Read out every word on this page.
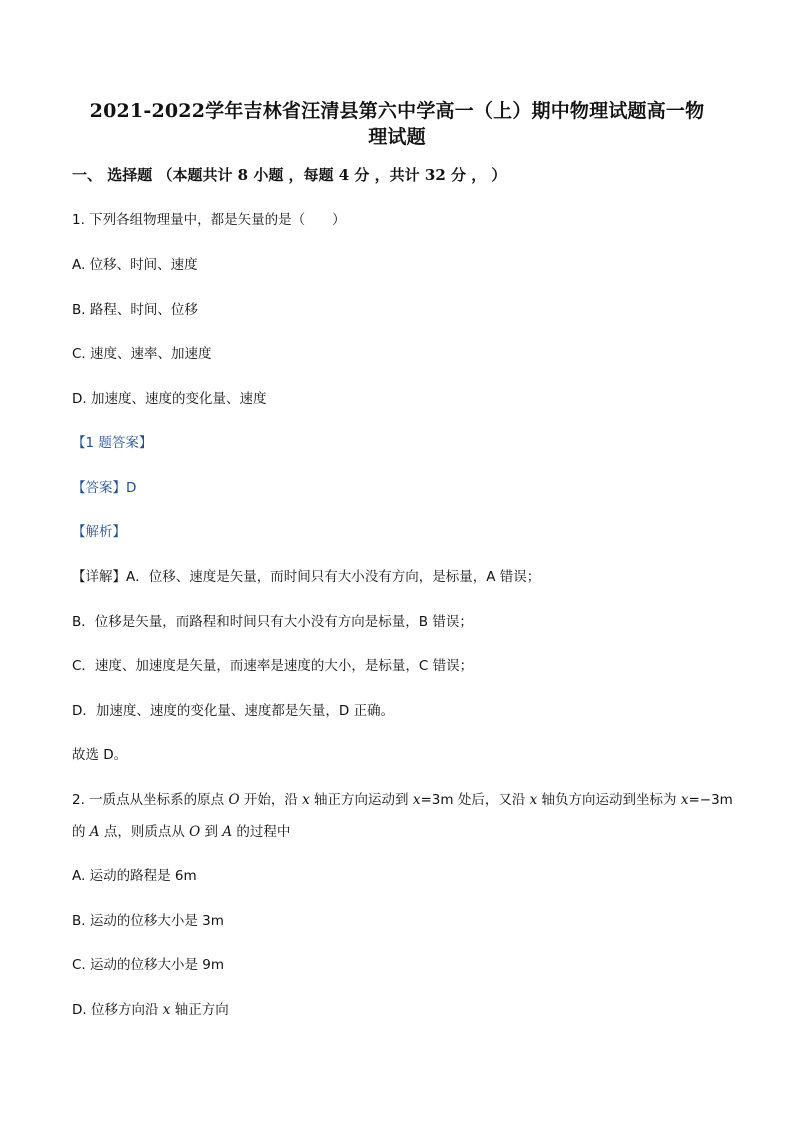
2021-2022学年吉林省汪清县第六中学高一（上）期中物理试题高一物
理试题
一、 选择题 （本题共计 8 小题 ，每题 4 分 ，共计 32 分 ， ）
1. 下列各组物理量中，都是矢量的是（　　）
A. 位移、时间、速度
B. 路程、时间、位移
C. 速度、速率、加速度
D. 加速度、速度的变化量、速度
【1 题答案】
【答案】D
【解析】
【详解】A．位移、速度是矢量，而时间只有大小没有方向，是标量，A 错误；
B．位移是矢量，而路程和时间只有大小没有方向是标量，B 错误；
C．速度、加速度是矢量，而速率是速度的大小，是标量，C 错误；
D．加速度、速度的变化量、速度都是矢量，D 正确。
故选 D。
2. 一质点从坐标系的原点 O 开始，沿 x 轴正方向运动到 x=3m 处后，又沿 x 轴负方向运动到坐标为 x=−3m
的 A 点，则质点从 O 到 A 的过程中
A. 运动的路程是 6m
B. 运动的位移大小是 3m
C. 运动的位移大小是 9m
D. 位移方向沿 x 轴正方向
